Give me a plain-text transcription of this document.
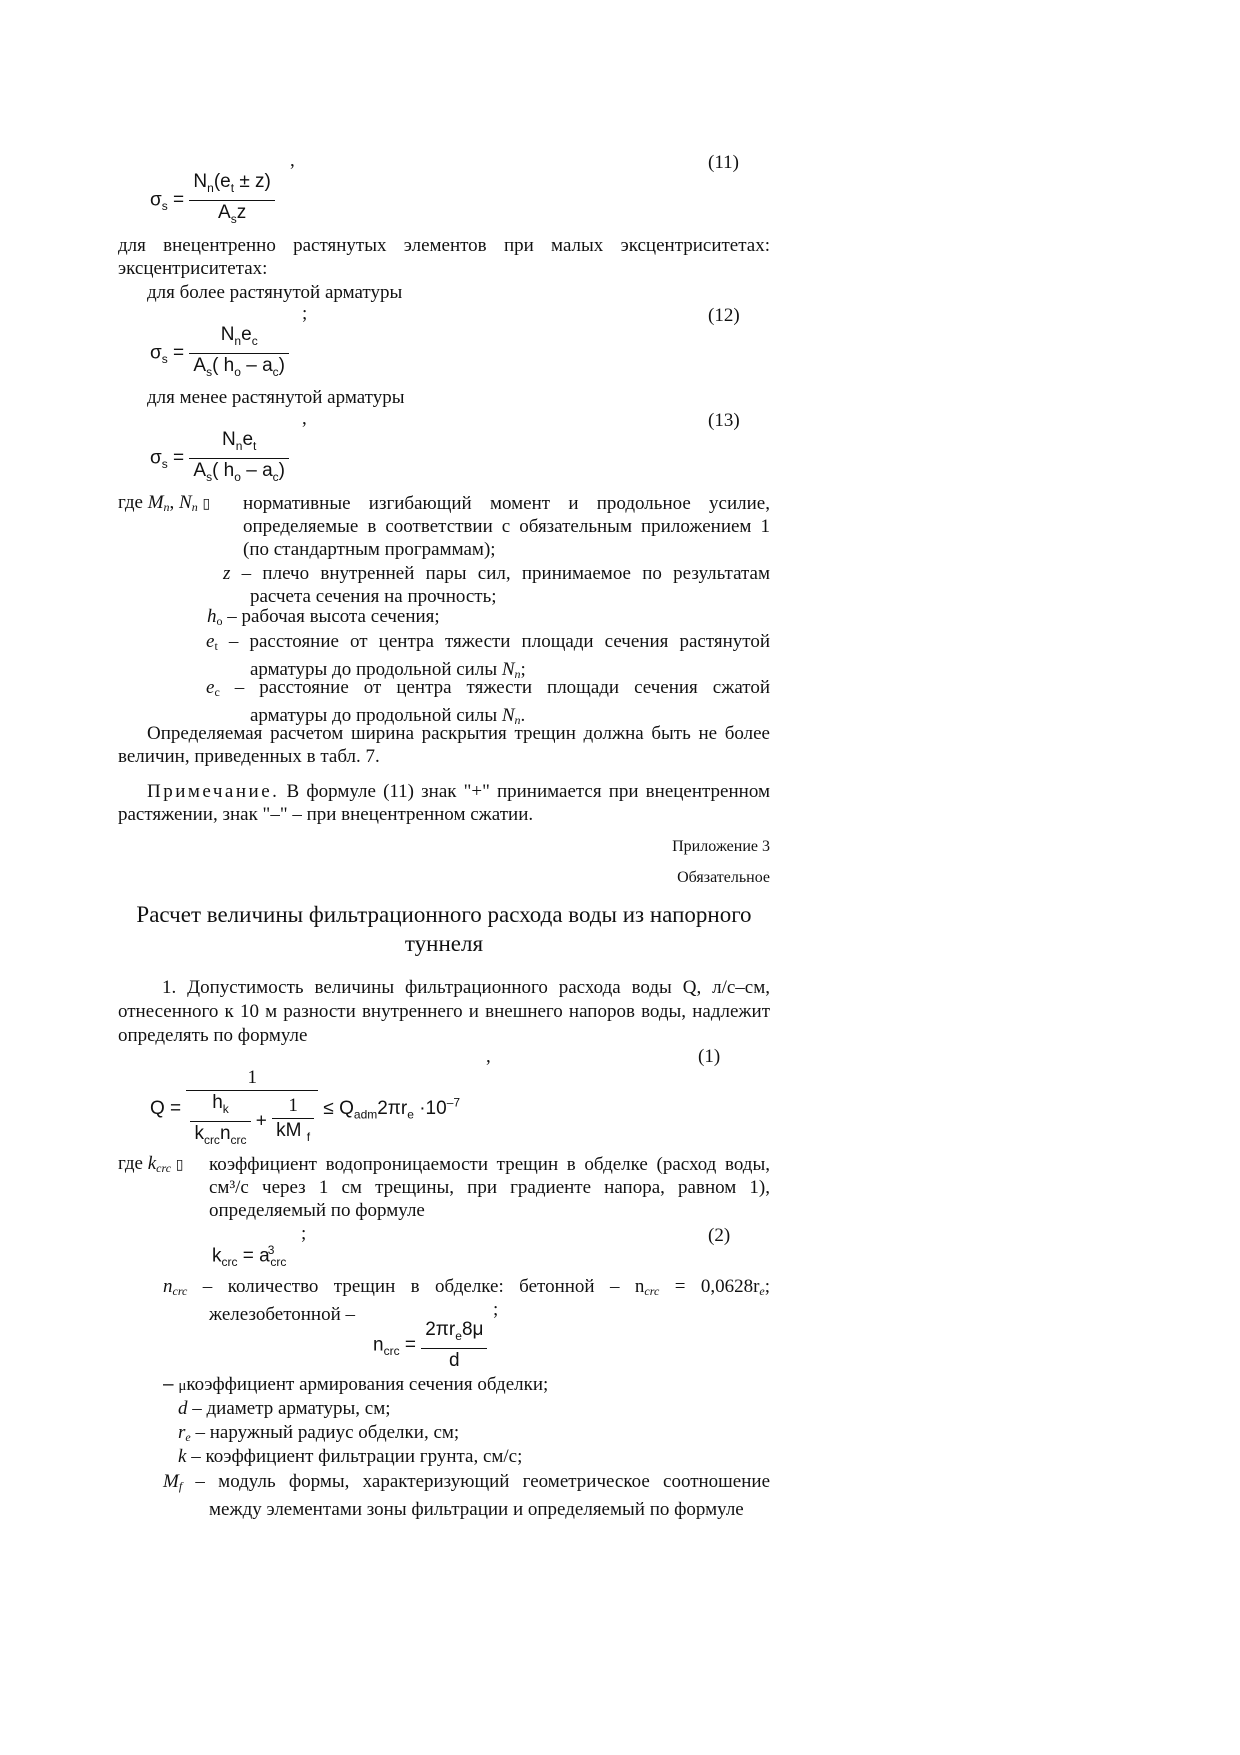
,	(11)
$\sigma_s = \frac{N_n(e_t \pm z)}{A_sz}$
для внецентренно растянутых элементов при малых эксцентриситетах:
эксцентриситетах:
для более растянутой арматуры
;	(12)
$\sigma_s = \frac{N_ne_c}{A_s( h_o - a_c)}$
для менее растянутой арматуры
,	(13)
$\sigma_s = \frac{N_ne_t}{A_s( h_o - a_c)}$
где $M_n$, $N_n$ ▯ нормативные изгибающий момент и продольное усилие, определяемые в соответствии с обязательным приложением 1 (по стандартным программам);
z – плечо внутренней пары сил, принимаемое по результатам расчета сечения на прочность;
$h_o$ – рабочая высота сечения;
$e_t$ – расстояние от центра тяжести площади сечения растянутой арматуры до продольной силы $N_n$;
$e_c$ – расстояние от центра тяжести площади сечения сжатой арматуры до продольной силы $N_n$.
Определяемая расчетом ширина раскрытия трещин должна быть не более величин, приведенных в табл. 7.
Примечание. В формуле (11) знак "+" принимается при внецентренном растяжении, знак "–" – при внецентренном сжатии.
Приложение 3
Обязательное
Расчет величины фильтрационного расхода воды из напорного туннеля
1. Допустимость величины фильтрационного расхода воды Q, л/с–см, отнесенного к 10 м разности внутреннего и внешнего напоров воды, надлежит определять по формуле
,	(1)
$Q = \frac{1}{\frac{h_k}{k_{crc}n_{crc}} + \frac{1}{kM _f}} \le Q_{adm}2\pi r_e \cdot 10^{-7}$
где $k_{crc}$ ▯ коэффициент водопроницаемости трещин в обделке (расход воды, см³/с через 1 см трещины, при градиенте напора, равном 1), определяемый по формуле
;	(2)
$k_{crc} = a^3_{crc}$
$n_{crc}$ – количество трещин в обделке: бетонной – $n_{crc} = 0,0628r_e$; железобетонной –	;
$n_{crc} = \frac{2\pi r_e8\mu}{d}$
– μкоэффициент армирования сечения обделки;
d – диаметр арматуры, см;
$r_e$ – наружный радиус обделки, см;
k – коэффициент фильтрации грунта, см/с;
$M_f$ – модуль формы, характеризующий геометрическое соотношение между элементами зоны фильтрации и определяемый по формуле
